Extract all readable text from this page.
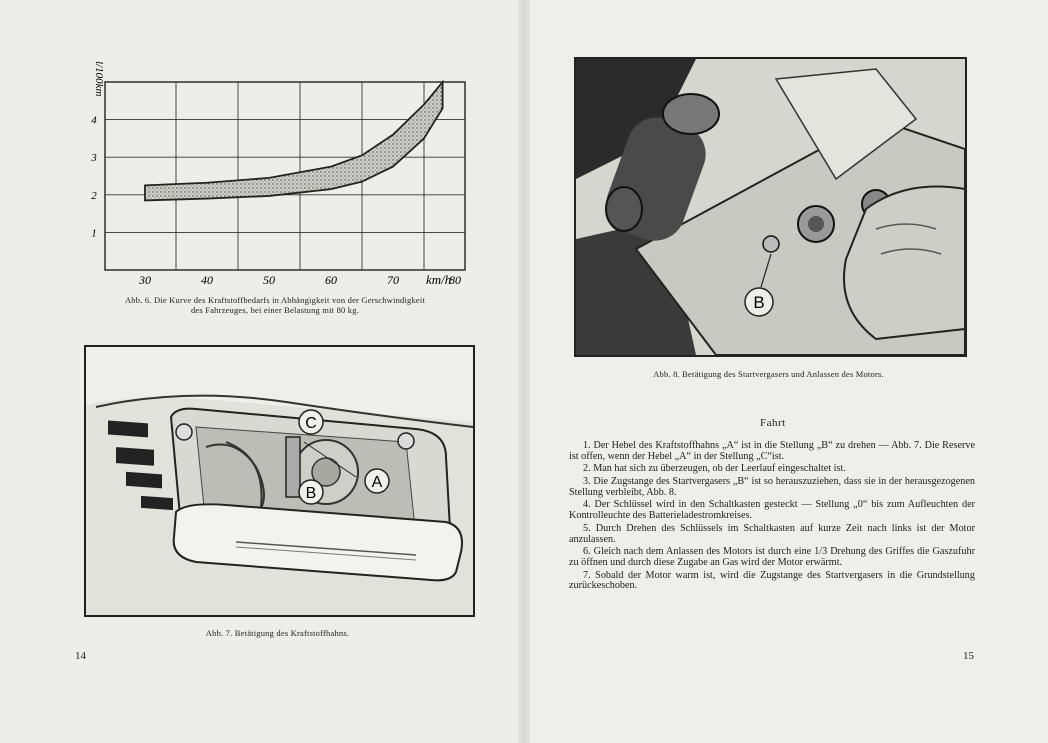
30	40	50	60	70	80
1
2
3
4
l/100km
km/h
Abb. 6. Die Kurve des Kraftstoffbedarfs in Abhängigkeit von der Gerschwindigkeit
des Fahrzeuges, bei einer Belastung mit 80 kg.
C
A
B
Abb. 7. Betätigung des Kraftstoffhahns.
14
B
Abb. 8. Betätigung des Startvergasers und Anlassen des Motors.
Fahrt

1. Der Hebel des Kraftstoffhahns „A“ ist in die Stellung „B“ zu drehen — Abb. 7. Die Reserve ist offen, wenn der Hebel „A“ in der Stellung „C“ist.

2. Man hat sich zu überzeugen, ob der Leerlauf eingeschaltet ist.

3. Die Zugstange des Startvergasers „B“ ist so herauszuziehen, dass sie in der herausgezogenen Stellung verbleibt, Abb. 8.

4. Der Schlüssel wird in den Schaltkasten gesteckt — Stellung „0“ bis zum Aufleuchten der Kontrolleuchte des Batterieladestromkreises.

5. Durch Drehen des Schlüssels im Schaltkasten auf kurze Zeit nach links ist der Motor anzulassen.

6. Gleich nach dem Anlassen des Motors ist durch eine 1/3 Drehung des Griffes die Gaszufuhr zu öffnen und durch diese Zugabe an Gas wird der Motor erwärmt.

7. Sobald der Motor warm ist, wird die Zugstange des Startvergasers in die Grundstellung zurückeschoben.

15
